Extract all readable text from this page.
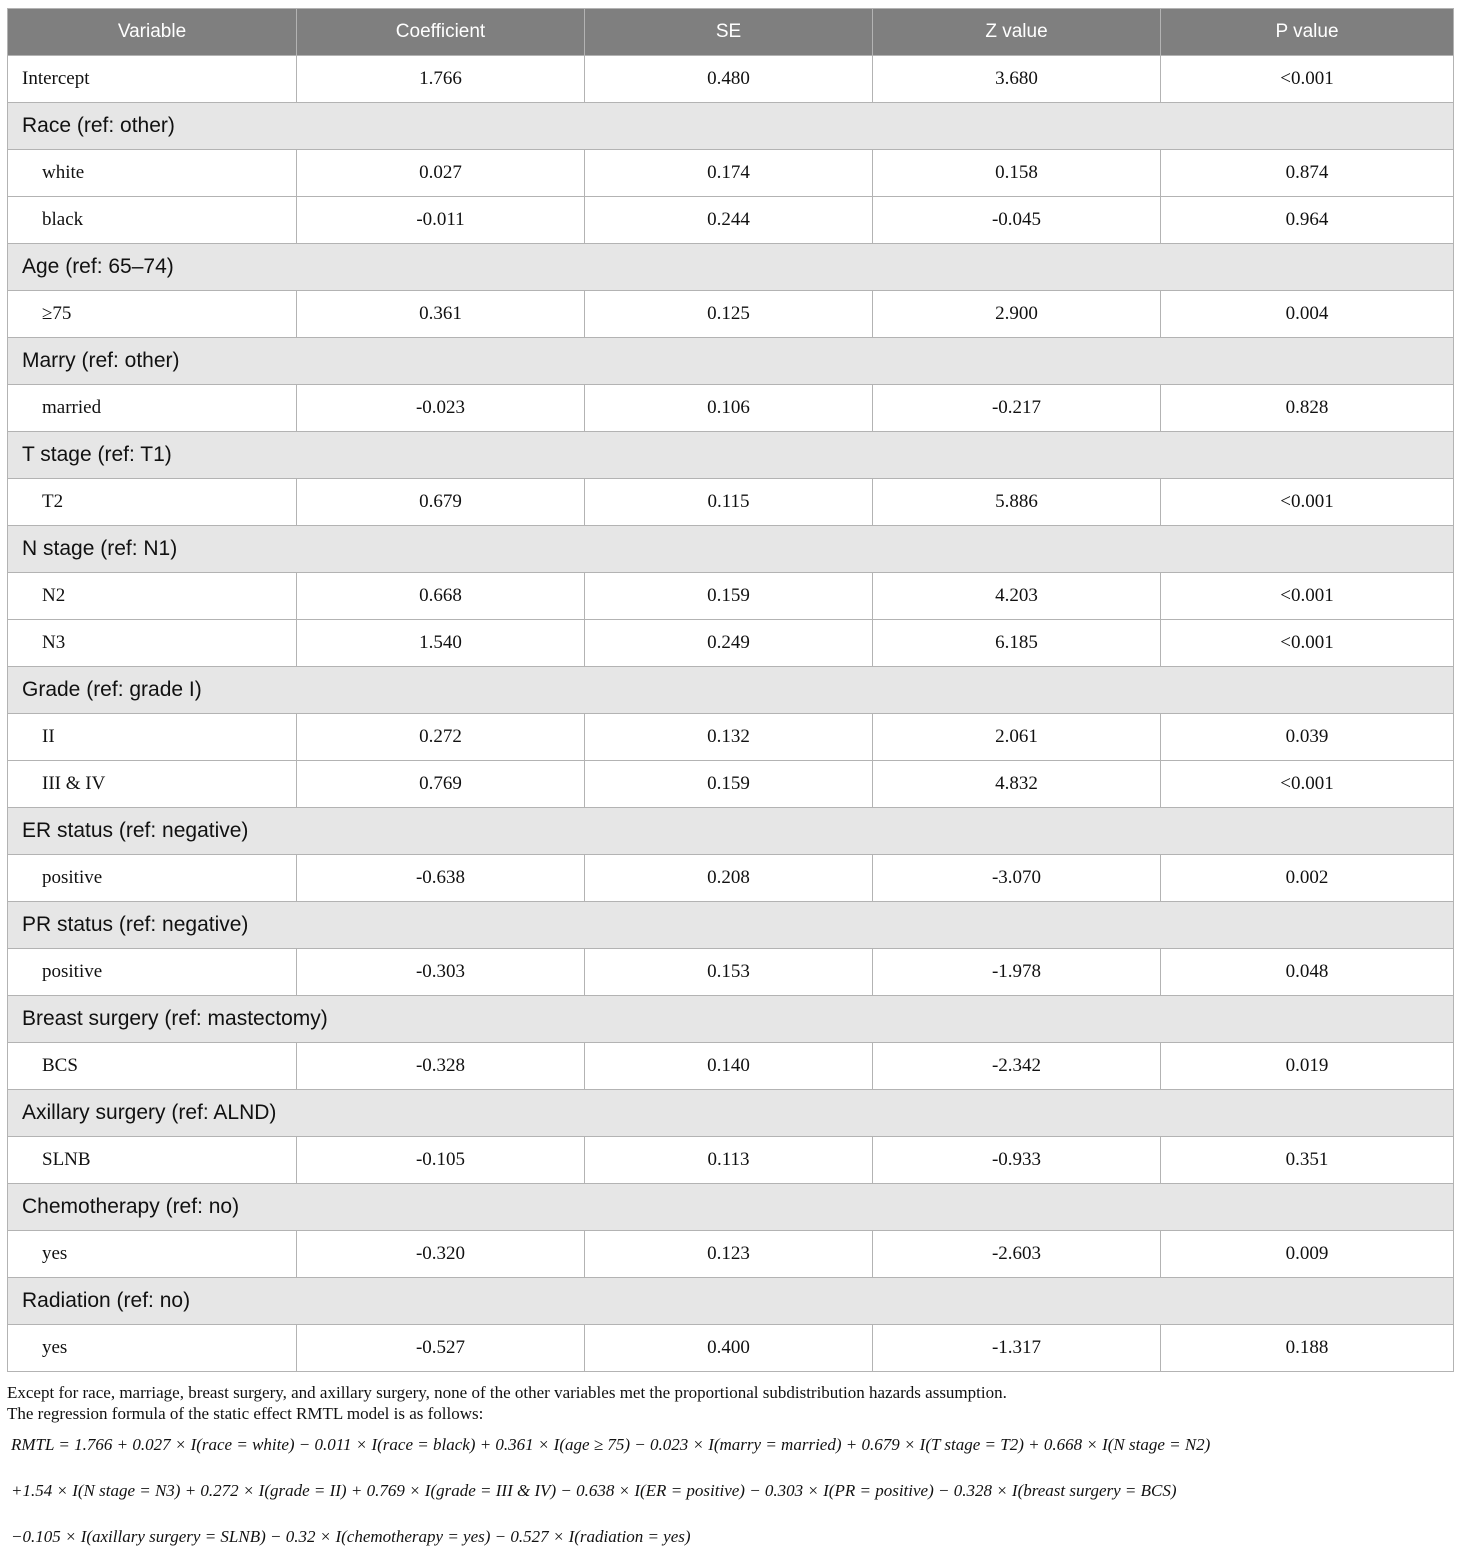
Variable	Coefficient	SE	Z value	P value
Intercept	1.766	0.480	3.680	<0.001
Race (ref: other)				
white	0.027	0.174	0.158	0.874
black	-0.011	0.244	-0.045	0.964
Age (ref: 65–74)				
≥75	0.361	0.125	2.900	0.004
Marry (ref: other)				
married	-0.023	0.106	-0.217	0.828
T stage (ref: T1)				
T2	0.679	0.115	5.886	<0.001
N stage (ref: N1)				
N2	0.668	0.159	4.203	<0.001
N3	1.540	0.249	6.185	<0.001
Grade (ref: grade I)				
II	0.272	0.132	2.061	0.039
III & IV	0.769	0.159	4.832	<0.001
ER status (ref: negative)				
positive	-0.638	0.208	-3.070	0.002
PR status (ref: negative)				
positive	-0.303	0.153	-1.978	0.048
Breast surgery (ref: mastectomy)				
BCS	-0.328	0.140	-2.342	0.019
Axillary surgery (ref: ALND)				
SLNB	-0.105	0.113	-0.933	0.351
Chemotherapy (ref: no)				
yes	-0.320	0.123	-2.603	0.009
Radiation (ref: no)				
yes	-0.527	0.400	-1.317	0.188

Except for race, marriage, breast surgery, and axillary surgery, none of the other variables met the proportional subdistribution hazards assumption.

The regression formula of the static effect RMTL model is as follows:

RMTL = 1.766 + 0.027 × I(race = white) − 0.011 × I(race = black) + 0.361 × I(age ≥ 75) − 0.023 × I(marry = married) + 0.679 × I(T stage = T2) + 0.668 × I(N stage = N2)

+1.54 × I(N stage = N3) + 0.272 × I(grade = II) + 0.769 × I(grade = III & IV) − 0.638 × I(ER = positive) − 0.303 × I(PR = positive) − 0.328 × I(breast surgery = BCS)

−0.105 × I(axillary surgery = SLNB) − 0.32 × I(chemotherapy = yes) − 0.527 × I(radiation = yes)
